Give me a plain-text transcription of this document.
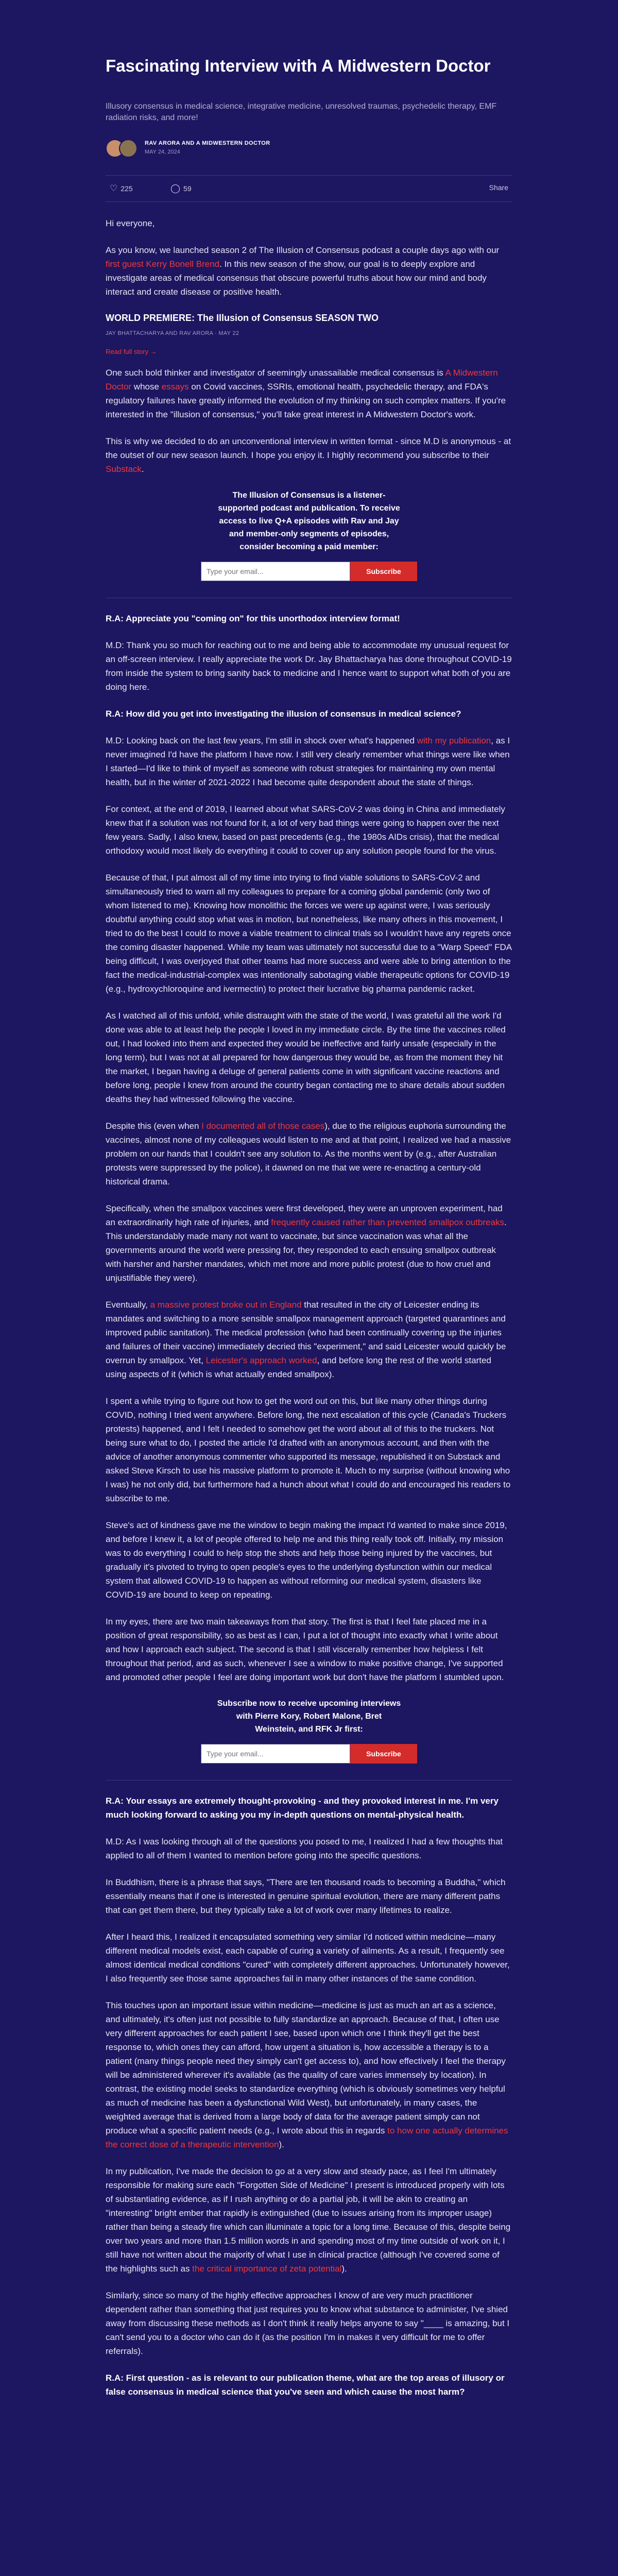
Fascinating Interview with A Midwestern Doctor
Illusory consensus in medical science, integrative medicine, unresolved traumas, psychedelic therapy, EMF radiation risks, and more!
RAV ARORA AND A MIDWESTERN DOCTOR
MAY 24, 2024
♡ 225	◯ 59	Share

Hi everyone,

As you know, we launched season 2 of The Illusion of Consensus podcast a couple days ago with our first guest Kerry Bonell Brend. In this new season of the show, our goal is to deeply explore and investigate areas of medical consensus that obscure powerful truths about how our mind and body interact and create disease or positive health.

WORLD PREMIERE: The Illusion of Consensus SEASON TWO
JAY BHATTACHARYA AND RAV ARORA · MAY 22
Read full story →

One such bold thinker and investigator of seemingly unassailable medical consensus is A Midwestern Doctor whose essays on Covid vaccines, SSRIs, emotional health, psychedelic therapy, and FDA's regulatory failures have greatly informed the evolution of my thinking on such complex matters. If you're interested in the "illusion of consensus," you'll take great interest in A Midwestern Doctor's work.

This is why we decided to do an unconventional interview in written format - since M.D is anonymous - at the outset of our new season launch. I hope you enjoy it. I highly recommend you subscribe to their Substack.

The Illusion of Consensus is a listener-supported podcast and publication. To receive access to live Q+A episodes with Rav and Jay and member-only segments of episodes, consider becoming a paid member:
Type your email...
Subscribe

R.A: Appreciate you "coming on" for this unorthodox interview format!

M.D: Thank you so much for reaching out to me and being able to accommodate my unusual request for an off-screen interview. I really appreciate the work Dr. Jay Bhattacharya has done throughout COVID-19 from inside the system to bring sanity back to medicine and I hence want to support what both of you are doing here.

R.A: How did you get into investigating the illusion of consensus in medical science?

M.D: Looking back on the last few years, I'm still in shock over what's happened with my publication, as I never imagined I'd have the platform I have now. I still very clearly remember what things were like when I started—I'd like to think of myself as someone with robust strategies for maintaining my own mental health, but in the winter of 2021-2022 I had become quite despondent about the state of things.

For context, at the end of 2019, I learned about what SARS-CoV-2 was doing in China and immediately knew that if a solution was not found for it, a lot of very bad things were going to happen over the next few years. Sadly, I also knew, based on past precedents (e.g., the 1980s AIDs crisis), that the medical orthodoxy would most likely do everything it could to cover up any solution people found for the virus.

Because of that, I put almost all of my time into trying to find viable solutions to SARS-CoV-2 and simultaneously tried to warn all my colleagues to prepare for a coming global pandemic (only two of whom listened to me). Knowing how monolithic the forces we were up against were, I was seriously doubtful anything could stop what was in motion, but nonetheless, like many others in this movement, I tried to do the best I could to move a viable treatment to clinical trials so I wouldn't have any regrets once the coming disaster happened. While my team was ultimately not successful due to a "Warp Speed" FDA being difficult, I was overjoyed that other teams had more success and were able to bring attention to the fact the medical-industrial-complex was intentionally sabotaging viable therapeutic options for COVID-19 (e.g., hydroxychloroquine and ivermectin) to protect their lucrative big pharma pandemic racket.

As I watched all of this unfold, while distraught with the state of the world, I was grateful all the work I'd done was able to at least help the people I loved in my immediate circle. By the time the vaccines rolled out, I had looked into them and expected they would be ineffective and fairly unsafe (especially in the long term), but I was not at all prepared for how dangerous they would be, as from the moment they hit the market, I began having a deluge of general patients come in with significant vaccine reactions and before long, people I knew from around the country began contacting me to share details about sudden deaths they had witnessed following the vaccine.

Despite this (even when I documented all of those cases), due to the religious euphoria surrounding the vaccines, almost none of my colleagues would listen to me and at that point, I realized we had a massive problem on our hands that I couldn't see any solution to. As the months went by (e.g., after Australian protests were suppressed by the police), it dawned on me that we were re-enacting a century-old historical drama.

Specifically, when the smallpox vaccines were first developed, they were an unproven experiment, had an extraordinarily high rate of injuries, and frequently caused rather than prevented smallpox outbreaks. This understandably made many not want to vaccinate, but since vaccination was what all the governments around the world were pressing for, they responded to each ensuing smallpox outbreak with harsher and harsher mandates, which met more and more public protest (due to how cruel and unjustifiable they were).

Eventually, a massive protest broke out in England that resulted in the city of Leicester ending its mandates and switching to a more sensible smallpox management approach (targeted quarantines and improved public sanitation). The medical profession (who had been continually covering up the injuries and failures of their vaccine) immediately decried this "experiment," and said Leicester would quickly be overrun by smallpox. Yet, Leicester's approach worked, and before long the rest of the world started using aspects of it (which is what actually ended smallpox).

I spent a while trying to figure out how to get the word out on this, but like many other things during COVID, nothing I tried went anywhere. Before long, the next escalation of this cycle (Canada's Truckers protests) happened, and I felt I needed to somehow get the word about all of this to the truckers. Not being sure what to do, I posted the article I'd drafted with an anonymous account, and then with the advice of another anonymous commenter who supported its message, republished it on Substack and asked Steve Kirsch to use his massive platform to promote it. Much to my surprise (without knowing who I was) he not only did, but furthermore had a hunch about what I could do and encouraged his readers to subscribe to me.

Steve's act of kindness gave me the window to begin making the impact I'd wanted to make since 2019, and before I knew it, a lot of people offered to help me and this thing really took off. Initially, my mission was to do everything I could to help stop the shots and help those being injured by the vaccines, but gradually it's pivoted to trying to open people's eyes to the underlying dysfunction within our medical system that allowed COVID-19 to happen as without reforming our medical system, disasters like COVID-19 are bound to keep on repeating.

In my eyes, there are two main takeaways from that story. The first is that I feel fate placed me in a position of great responsibility, so as best as I can, I put a lot of thought into exactly what I write about and how I approach each subject. The second is that I still viscerally remember how helpless I felt throughout that period, and as such, whenever I see a window to make positive change, I've supported and promoted other people I feel are doing important work but don't have the platform I stumbled upon.

Subscribe now to receive upcoming interviews with Pierre Kory, Robert Malone, Bret Weinstein, and RFK Jr first:
Type your email...
Subscribe

R.A: Your essays are extremely thought-provoking - and they provoked interest in me. I'm very much looking forward to asking you my in-depth questions on mental-physical health.

M.D: As I was looking through all of the questions you posed to me, I realized I had a few thoughts that applied to all of them I wanted to mention before going into the specific questions.

In Buddhism, there is a phrase that says, "There are ten thousand roads to becoming a Buddha," which essentially means that if one is interested in genuine spiritual evolution, there are many different paths that can get them there, but they typically take a lot of work over many lifetimes to realize.

After I heard this, I realized it encapsulated something very similar I'd noticed within medicine—many different medical models exist, each capable of curing a variety of ailments. As a result, I frequently see almost identical medical conditions "cured" with completely different approaches. Unfortunately however, I also frequently see those same approaches fail in many other instances of the same condition.

This touches upon an important issue within medicine—medicine is just as much an art as a science, and ultimately, it's often just not possible to fully standardize an approach. Because of that, I often use very different approaches for each patient I see, based upon which one I think they'll get the best response to, which ones they can afford, how urgent a situation is, how accessible a therapy is to a patient (many things people need they simply can't get access to), and how effectively I feel the therapy will be administered wherever it's available (as the quality of care varies immensely by location). In contrast, the existing model seeks to standardize everything (which is obviously sometimes very helpful as much of medicine has been a dysfunctional Wild West), but unfortunately, in many cases, the weighted average that is derived from a large body of data for the average patient simply can not produce what a specific patient needs (e.g., I wrote about this in regards to how one actually determines the correct dose of a therapeutic intervention).

In my publication, I've made the decision to go at a very slow and steady pace, as I feel I'm ultimately responsible for making sure each "Forgotten Side of Medicine" I present is introduced properly with lots of substantiating evidence, as if I rush anything or do a partial job, it will be akin to creating an "interesting" bright ember that rapidly is extinguished (due to issues arising from its improper usage) rather than being a steady fire which can illuminate a topic for a long time. Because of this, despite being over two years and more than 1.5 million words in and spending most of my time outside of work on it, I still have not written about the majority of what I use in clinical practice (although I've covered some of the highlights such as the critical importance of zeta potential).

Similarly, since so many of the highly effective approaches I know of are very much practitioner dependent rather than something that just requires you to know what substance to administer, I've shied away from discussing these methods as I don't think it really helps anyone to say "____ is amazing, but I can't send you to a doctor who can do it (as the position I'm in makes it very difficult for me to offer referrals).

R.A: First question - as is relevant to our publication theme, what are the top areas of illusory or false consensus in medical science that you've seen and which cause the most harm?
